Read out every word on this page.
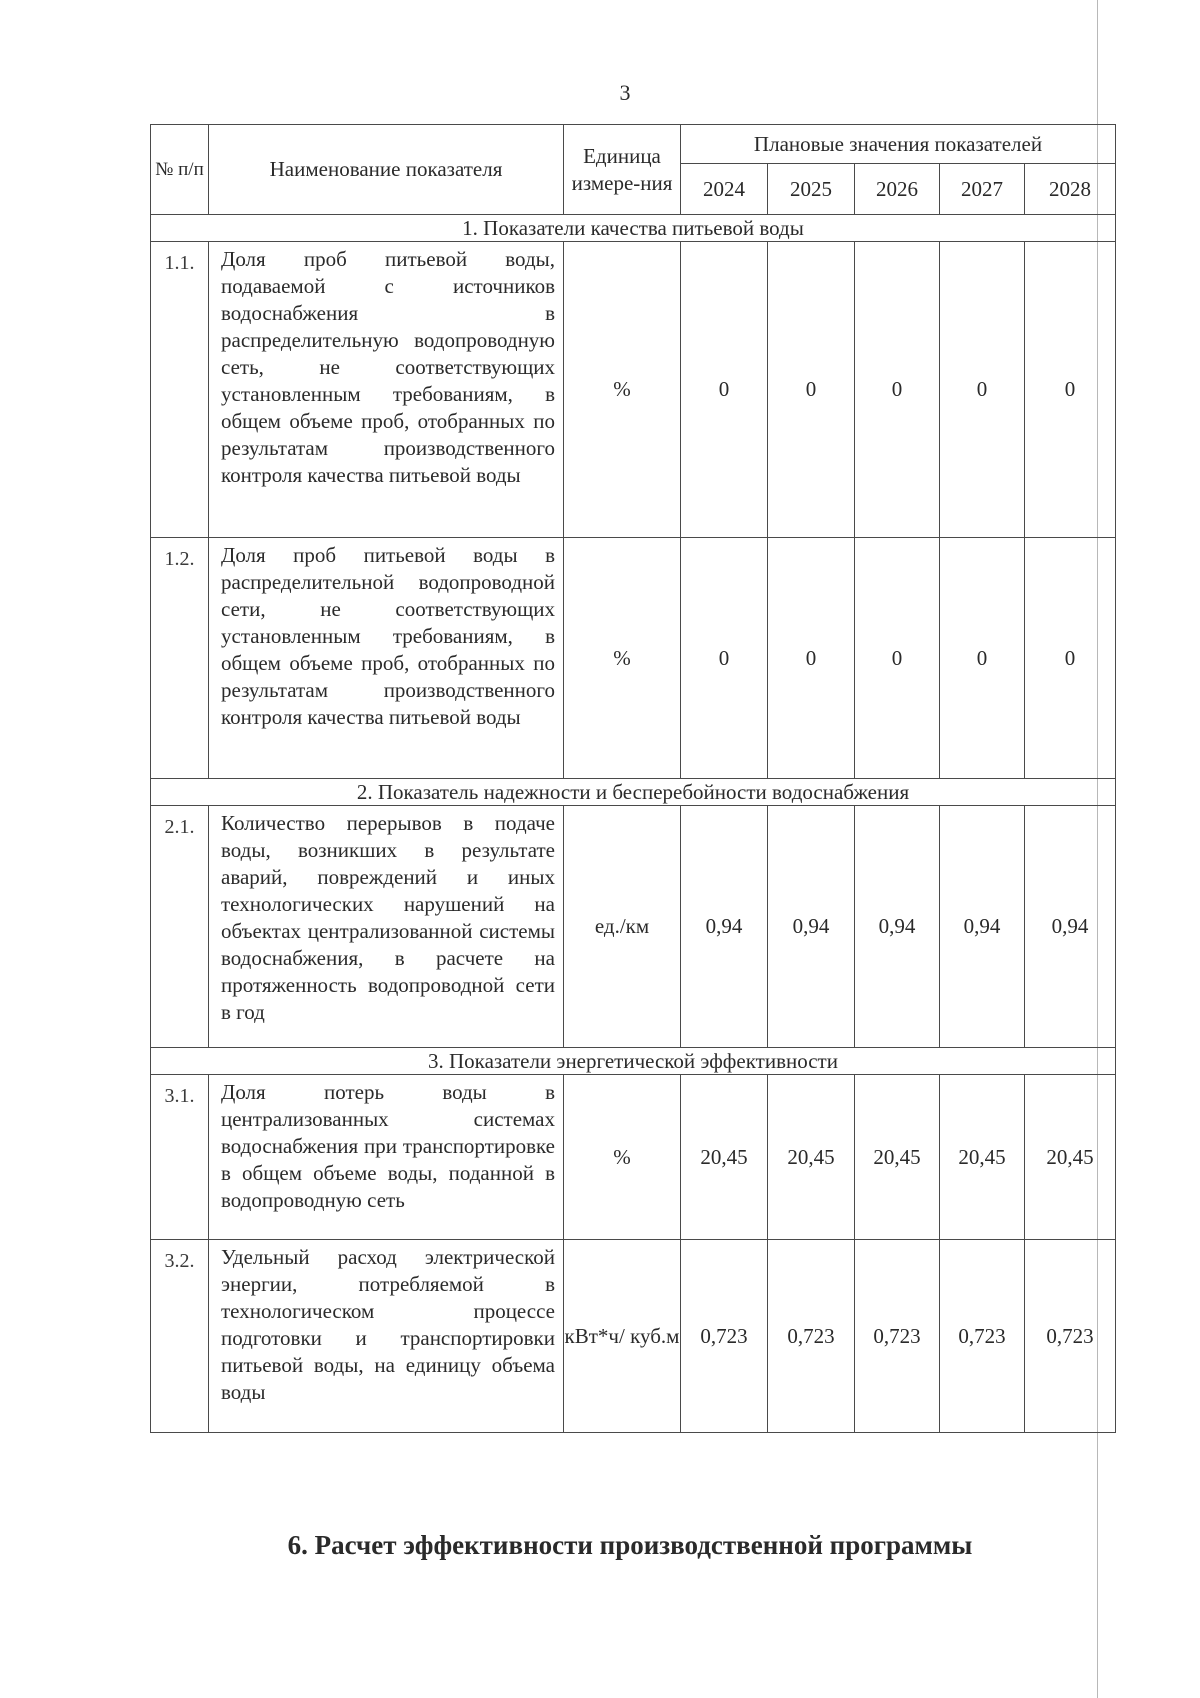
3
№ п/п	Наименование показателя	Единица измере-ния	Плановые значения показателей				
			2024	2025	2026	2027	2028
1. Показатели качества питьевой воды							
1.1.	Доля проб питьевой воды, подаваемой с источников водоснабжения в распределительную водопроводную сеть, не соответствующих установленным требованиям, в общем объеме проб, отобранных по результатам производственного контроля качества питьевой воды	%	0	0	0	0	0
1.2.	Доля проб питьевой воды в распределительной водопроводной сети, не соответствующих установленным требованиям, в общем объеме проб, отобранных по результатам производственного контроля качества питьевой воды	%	0	0	0	0	0
2. Показатель надежности и бесперебойности водоснабжения							
2.1.	Количество перерывов в подаче воды, возникших в результате аварий, повреждений и иных технологических нарушений на объектах централизованной системы водоснабжения, в расчете на протяженность водопроводной сети в год	ед./км	0,94	0,94	0,94	0,94	0,94
3. Показатели энергетической эффективности							
3.1.	Доля потерь воды в централизованных системах водоснабжения при транспортировке в общем объеме воды, поданной в водопроводную сеть	%	20,45	20,45	20,45	20,45	20,45
3.2.	Удельный расход электрической энергии, потребляемой в технологическом процессе подготовки и транспортировки питьевой воды, на единицу объема воды	кВт*ч/ куб.м	0,723	0,723	0,723	0,723	0,723
6. Расчет эффективности производственной программы
